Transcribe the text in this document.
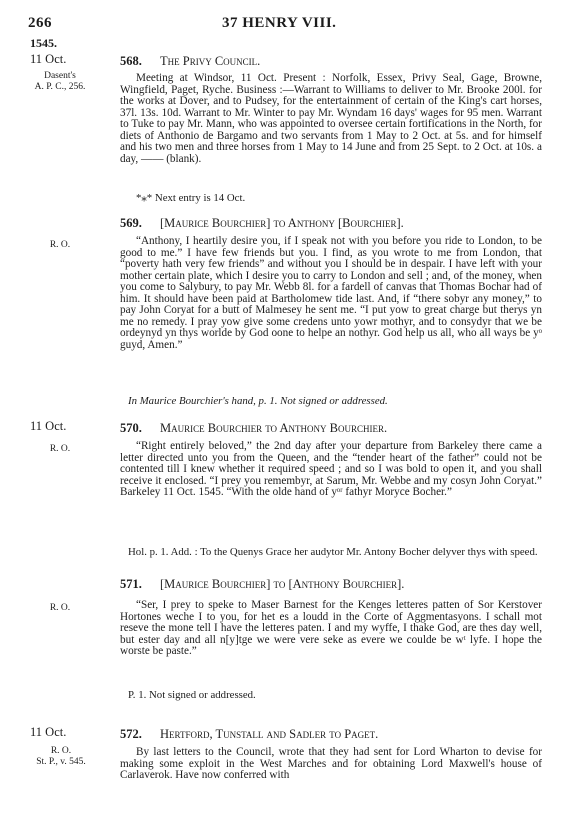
266	37 HENRY VIII.
1545.
11 Oct.
Dasent's
A. P. C., 256.
568. The Privy Council.

Meeting at Windsor, 11 Oct. Present : Norfolk, Essex, Privy Seal, Gage, Browne, Wingfield, Paget, Ryche. Business :—Warrant to Williams to deliver to Mr. Brooke 200l. for the works at Dover, and to Pudsey, for the entertainment of certain of the King's cart horses, 37l. 13s. 10d. Warrant to Mr. Winter to pay Mr. Wyndam 16 days' wages for 95 men. Warrant to Tuke to pay Mr. Mann, who was appointed to oversee certain fortifications in the North, for diets of Anthonio de Bargamo and two servants from 1 May to 2 Oct. at 5s. and for himself and his two men and three horses from 1 May to 14 June and from 25 Sept. to 2 Oct. at 10s. a day, —— (blank).

*⁎* Next entry is 14 Oct.
569. [Maurice Bourchier] to Anthony [Bourchier].
R. O.	“Anthony, I heartily desire you, if I speak not with you before you ride to London, to be good to me.” I have few friends but you. I find, as you wrote to me from London, that “poverty hath very few friends” and without you I should be in despair. I have left with your mother certain plate, which I desire you to carry to London and sell ; and, of the money, when you come to Salybury, to pay Mr. Webb 8l. for a fardell of canvas that Thomas Bochar had of him. It should have been paid at Bartholomew tide last. And, if “there sobyr any money,” to pay John Coryat for a butt of Malmesey he sent me. “I put yow to great charge but therys yn me no remedy. I pray yow give some credens unto yowr mothyr, and to consydyr that we be ordeynyd yn thys worlde by God oone to helpe an nothyr. God help us all, who all ways be yᵒ guyd, Amen.”

In Maurice Bourchier's hand, p. 1. Not signed or addressed.
11 Oct.
R. O.
570. Maurice Bourchier to Anthony Bourchier.

“Right entirely beloved,” the 2nd day after your departure from Barkeley there came a letter directed unto you from the Queen, and the “tender heart of the father” could not be contented till I knew whether it required speed ; and so I was bold to open it, and you shall receive it enclosed. “I prey you remembyr, at Sarum, Mr. Webbe and my cosyn John Coryat.” Barkeley 11 Oct. 1545. “With the olde hand of yᵒʳ fathyr Moryce Bocher.”

Hol. p. 1. Add. : To the Quenys Grace her audytor Mr. Antony Bocher delyver thys with speed.
571. [Maurice Bourchier] to [Anthony Bourchier].
R. O.	“Ser, I prey to speke to Maser Barnest for the Kenges letteres patten of Sor Kerstover Hortones weche I to you, for het es a loudd in the Corte of Aggmentasyons. I schall mot reseve the mone tell I have the letteres paten. I and my wyffe, I thake God, are thes day well, but ester day and all n[y]tge we were vere seke as evere we coulde be wᵗ lyfe. I hope the worste be paste.”

P. 1. Not signed or addressed.
11 Oct.
R. O.
St. P., v. 545.
572. Hertford, Tunstall and Sadler to Paget.

By last letters to the Council, wrote that they had sent for Lord Wharton to devise for making some exploit in the West Marches and for obtaining Lord Maxwell's house of Carlaverok. Have now conferred with
